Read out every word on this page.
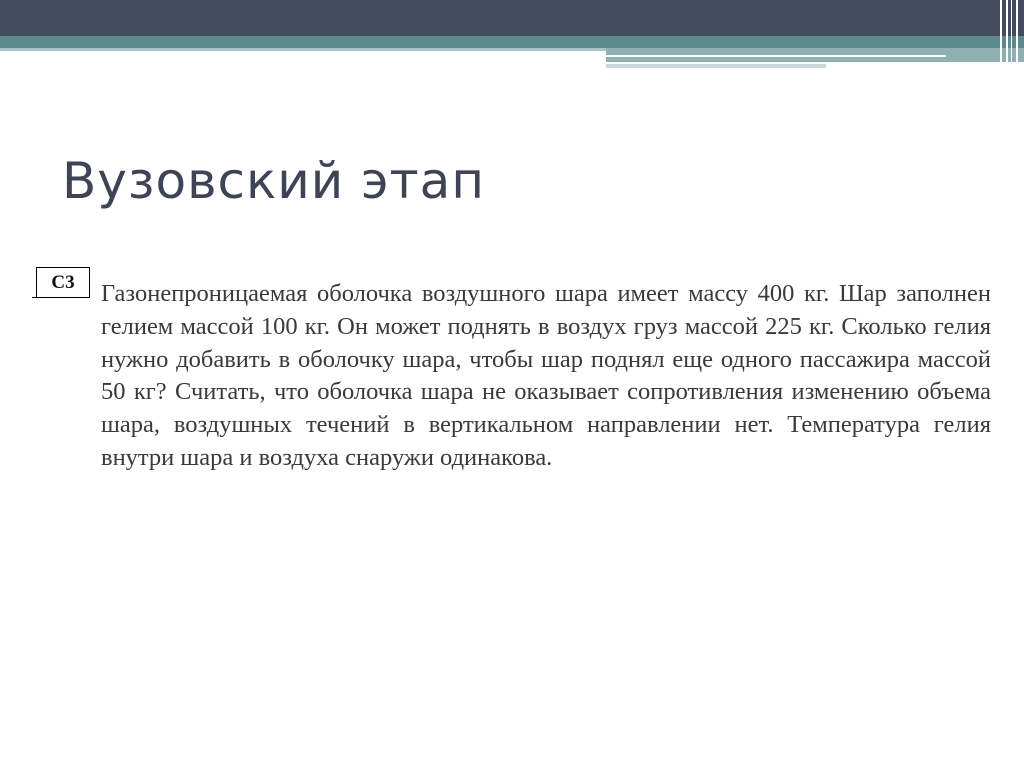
Вузовский этап
С3	Газонепроницаемая оболочка воздушного шара имеет массу 400 кг. Шар заполнен гелием массой 100 кг. Он может поднять в воздух груз массой 225 кг. Сколько гелия нужно добавить в оболочку шара, чтобы шар поднял еще одного пассажира массой 50 кг? Считать, что оболочка шара не оказывает сопротивления изменению объема шара, воздушных течений в вертикальном направлении нет. Температура гелия внутри шара и воздуха снаружи одинакова.
